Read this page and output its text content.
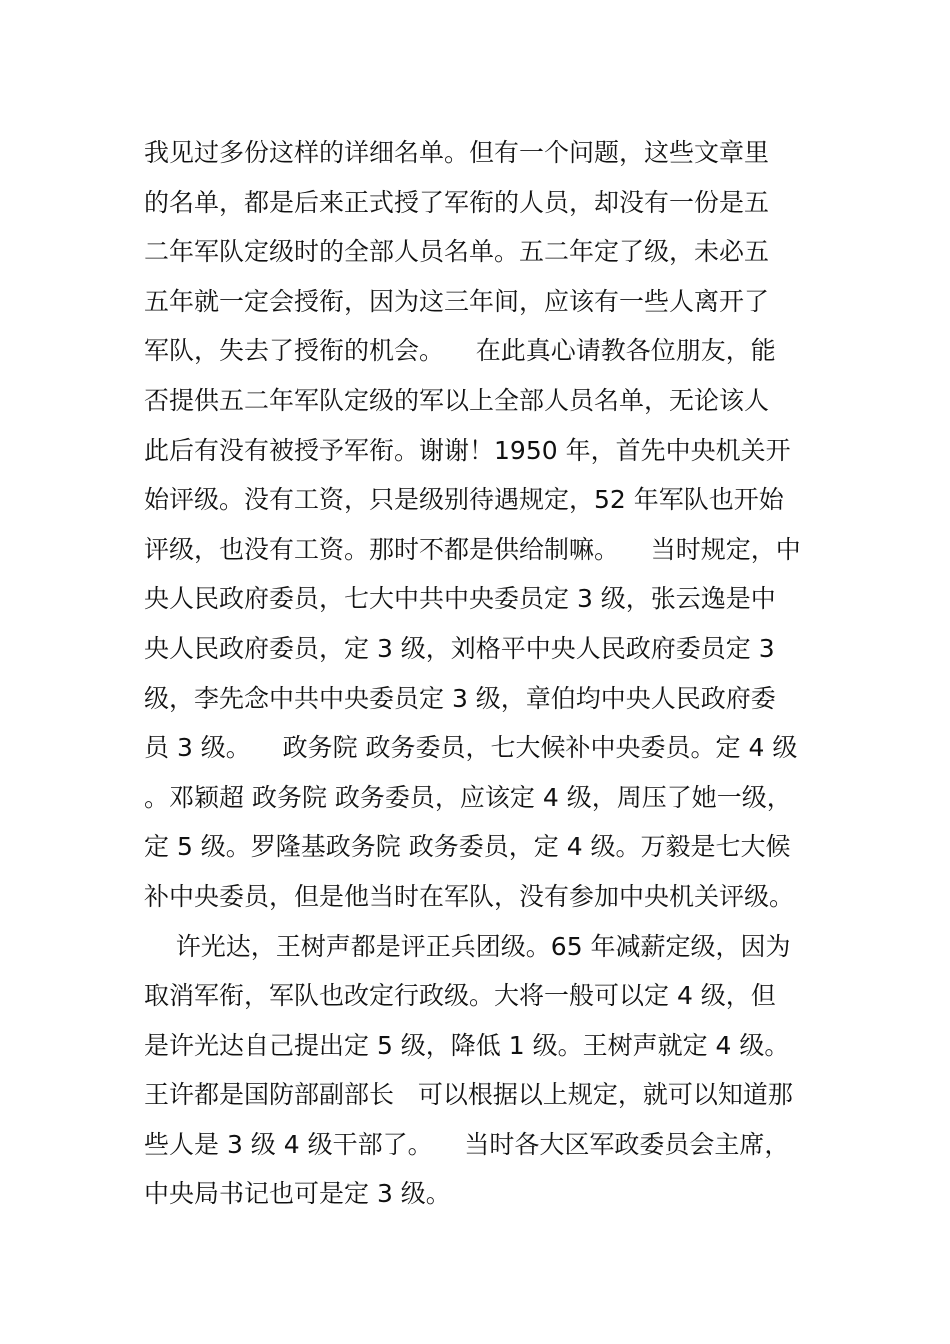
我见过多份这样的详细名单。但有一个问题，这些文章里
的名单，都是后来正式授了军衔的人员，却没有一份是五
二年军队定级时的全部人员名单。五二年定了级，未必五
五年就一定会授衔，因为这三年间，应该有一些人离开了
军队，失去了授衔的机会。    在此真心请教各位朋友，能
否提供五二年军队定级的军以上全部人员名单，无论该人
此后有没有被授予军衔。谢谢！1950 年，首先中央机关开
始评级。没有工资，只是级别待遇规定，52 年军队也开始
评级，也没有工资。那时不都是供给制嘛。    当时规定，中
央人民政府委员，七大中共中央委员定 3 级，张云逸是中
央人民政府委员，定 3 级，刘格平中央人民政府委员定 3
级，李先念中共中央委员定 3 级，章伯均中央人民政府委
员 3 级。    政务院 政务委员，七大候补中央委员。定 4 级
。邓颖超 政务院 政务委员，应该定 4 级，周压了她一级，
定 5 级。罗隆基政务院 政务委员，定 4 级。万毅是七大候
补中央委员，但是他当时在军队，没有参加中央机关评级。
许光达，王树声都是评正兵团级。65 年减薪定级，因为
取消军衔，军队也改定行政级。大将一般可以定 4 级，但
是许光达自己提出定 5 级，降低 1 级。王树声就定 4 级。
王许都是国防部副部长   可以根据以上规定，就可以知道那
些人是 3 级 4 级干部了。    当时各大区军政委员会主席，
中央局书记也可是定 3 级。
